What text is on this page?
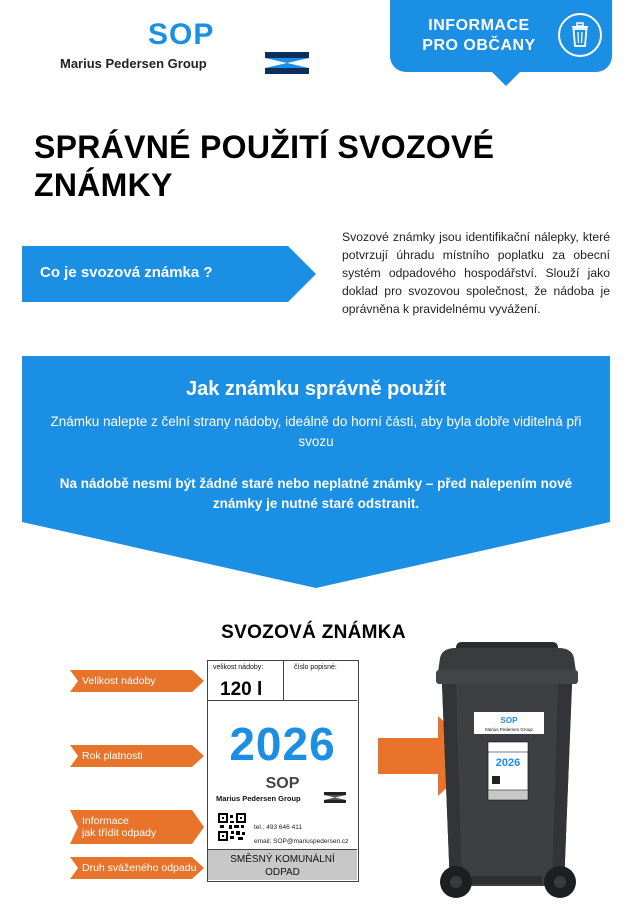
SOP
Marius Pedersen Group
INFORMACE
PRO OBČANY
SPRÁVNÉ POUŽITÍ SVOZOVÉ
ZNÁMKY
Co je svozová známka ?
Svozové známky jsou identifikační nálepky, které potvrzují úhradu místního poplatku za obecní systém odpadového hospodářství. Slouží jako doklad pro svozovou společnost, že nádoba je oprávněna k pravidelnému vyvážení.
Jak známku správně použít
Známku nalepte z čelní strany nádoby, ideálně do horní části, aby byla dobře viditelná při svozu
Na nádobě nesmí být žádné staré nebo neplatné známky – před nalepením nové známky je nutné staré odstranit.
SVOZOVÁ ZNÁMKA
Velikost nádoby
Rok platnosti
Informace
jak třídit odpady
Druh sváženého odpadu
velikost nádoby:
120 l
číslo popisné:
2026
SOP
Marius Pedersen Group
tel.: 493 646 411
email: SOP@mariuspedersen.cz
SMĚSNÝ KOMUNÁLNÍ
ODPAD
SOP
Marius Pedersen Group
2026
